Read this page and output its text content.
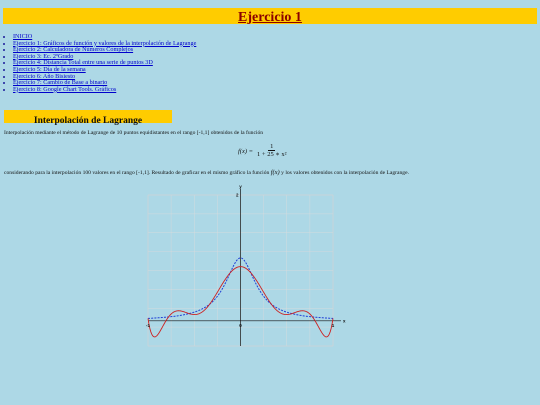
Ejercicio 1
• INICIO
• Ejercicio 1: Gráficos de función y valores de la interpolación de Lagrange
• Ejercicio 2: Calculadora de Números Complejos
• Ejercicio 3: Ec. 2ºGrado
• Ejercicio 4: Distancia Total entre una serie de puntos 3D
• Ejercicio 5: Día de la semana
• Ejercicio 6: Año Bisiesto
• Ejercicio 7: Cambio de Base a binario
• Ejercicio 8: Google Chart Tools. Gráficos
Interpolación de Lagrange
Interpolación mediante el método de Lagrange de 10 puntos equidistantes en el rango [-1,1] obtenidos de la función
$f(x) = \frac{1}{\text{1 + 25 ∗ x²}}$
considerando para la interpolación 100 valores en el rango [-1,1]. Resultado de graficar en el mismo gráfico la función f(x) y los valores obtenidos con la interpolación de Lagrange.
-1	0	1
2
x
y
